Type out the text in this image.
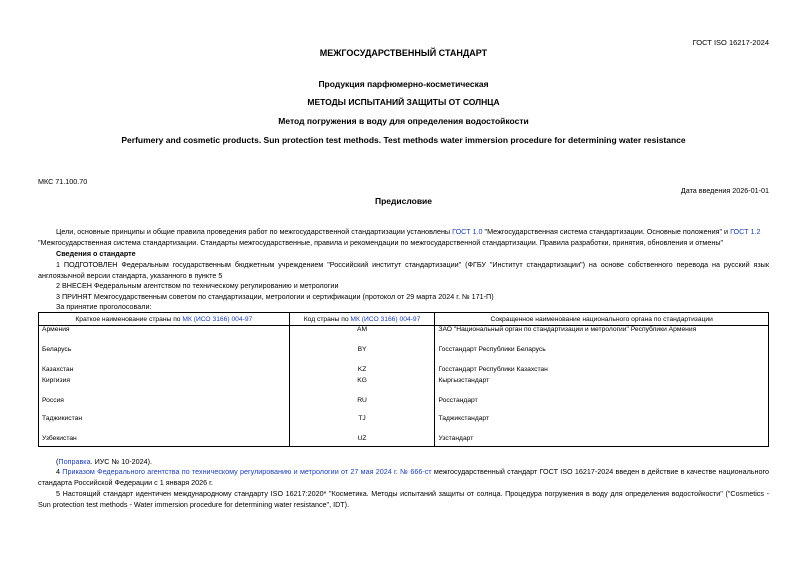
ГОСТ ISO 16217-2024
МЕЖГОСУДАРСТВЕННЫЙ СТАНДАРТ
Продукция парфюмерно-косметическая
МЕТОДЫ ИСПЫТАНИЙ ЗАЩИТЫ ОТ СОЛНЦА
Метод погружения в воду для определения водостойкости
Perfumery and cosmetic products. Sun protection test methods. Test methods water immersion procedure for determining water resistance
МКС 71.100.70
Дата введения 2026-01-01
Предисловие
Цели, основные принципы и общие правила проведения работ по межгосударственной стандартизации установлены ГОСТ 1.0 "Межгосударственная система стандартизации. Основные положения" и ГОСТ 1.2 "Межгосударственная система стандартизации. Стандарты межгосударственные, правила и рекомендации по межгосударственной стандартизации. Правила разработки, принятия, обновления и отмены"
Сведения о стандарте
1 ПОДГОТОВЛЕН Федеральным государственным бюджетным учреждением "Российский институт стандартизации" (ФГБУ "Институт стандартизации") на основе собственного перевода на русский язык англоязычной версии стандарта, указанного в пункте 5
2 ВНЕСЕН Федеральным агентством по техническому регулированию и метрологии
3 ПРИНЯТ Межгосударственным советом по стандартизации, метрологии и сертификации (протокол от 29 марта 2024 г. № 171-П)
За принятие проголосовали:
Краткое наименование страны по МК (ИСО 3166) 004-97	Код страны по МК (ИСО 3166) 004-97	Сокращенное наименование национального органа по стандартизации
Армения	AM	ЗАО "Национальный орган по стандартизации и метрологии" Республики Армения
Беларусь	BY	Госстандарт Республики Беларусь
Казахстан	KZ	Госстандарт Республики Казахстан
Киргизия	KG	Кыргызстандарт
Россия	RU	Росстандарт
Таджикистан	TJ	Таджикстандарт
Узбекистан	UZ	Узстандарт
(Поправка. ИУС № 10-2024).
4 Приказом Федерального агентства по техническому регулированию и метрологии от 27 мая 2024 г. № 666-ст межгосударственный стандарт ГОСТ ISO 16217-2024 введен в действие в качестве национального стандарта Российской Федерации с 1 января 2026 г.
5 Настоящий стандарт идентичен международному стандарту ISO 16217:2020* "Косметика. Методы испытаний защиты от солнца. Процедура погружения в воду для определения водостойкости" ("Cosmetics - Sun protection test methods - Water immersion procedure for determining water resistance", IDT).
